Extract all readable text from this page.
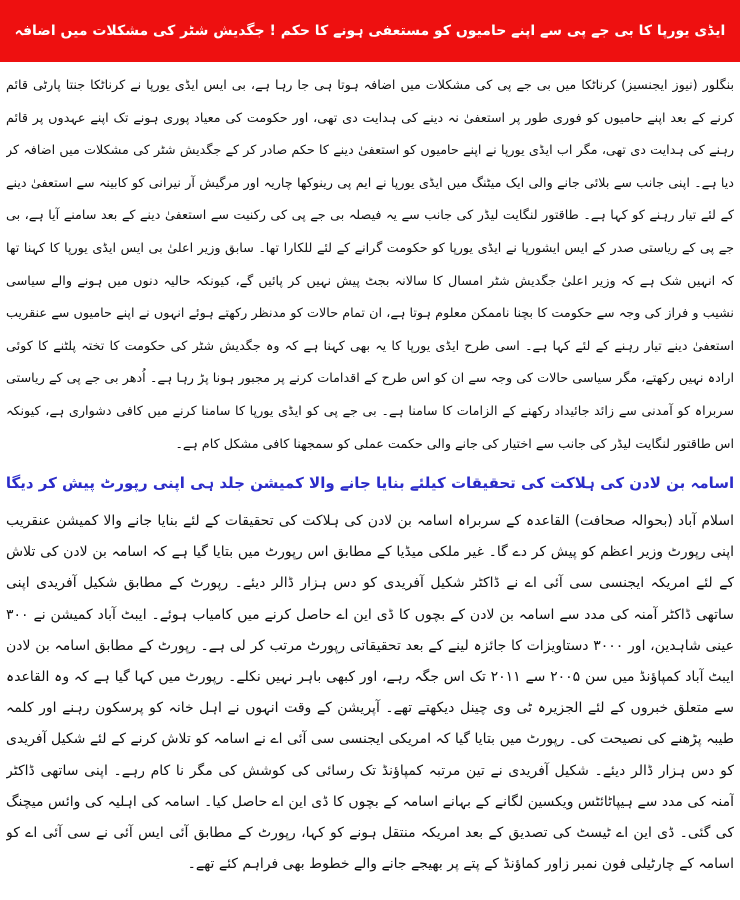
ایڈی یورپا کا بی جے پی سے اپنے حامیوں کو مستعفی ہونے کا حکم ! جگدیش شٹر کی مشکلات میں اضافہ

بنگلور (نیوز ایجنسیز) کرناٹکا میں بی جے پی کی مشکلات میں اضافہ ہوتا ہی جا رہا ہے، بی ایس ایڈی یورپا نے کرناٹکا جنتا پارٹی قائم کرنے کے بعد اپنے حامیوں کو فوری طور پر استعفیٰ نہ دینے کی ہدایت دی تھی، اور حکومت کی معیاد پوری ہونے تک اپنے عہدوں پر قائم رہنے کی ہدایت دی تھی، مگر اب ایڈی یورپا نے اپنے حامیوں کو استعفیٰ دینے کا حکم صادر کر کے جگدیش شٹر کی مشکلات میں اضافہ کر دیا ہے۔ اپنی جانب سے بلائی جانے والی ایک میٹنگ میں ایڈی یورپا نے ایم پی رینوکھا چاریہ اور مرگیش آر نیرانی کو کابینہ سے استعفیٰ دینے کے لئے تیار رہنے کو کہا ہے۔ طاقتور لنگایت لیڈر کی جانب سے یہ فیصلہ بی جے پی کی رکنیت سے استعفیٰ دینے کے بعد سامنے آیا ہے، بی جے پی کے ریاستی صدر کے ایس ایشورپا نے ایڈی یورپا کو حکومت گرانے کے لئے للکارا تھا۔ سابق وزیر اعلیٰ بی ایس ایڈی یورپا کا کہنا تھا کہ انہیں شک ہے کہ وزیر اعلیٰ جگدیش شٹر امسال کا سالانہ بجٹ پیش نہیں کر پائیں گے، کیونکہ حالیہ دنوں میں ہونے والے سیاسی نشیب و فراز کی وجہ سے حکومت کا بچنا ناممکن معلوم ہوتا ہے، ان تمام حالات کو مدنظر رکھتے ہوئے انہوں نے اپنے حامیوں سے عنقریب استعفیٰ دینے تیار رہنے کے لئے کہا ہے۔ اسی طرح ایڈی یورپا کا یہ بھی کہنا ہے کہ وہ جگدیش شٹر کی حکومت کا تختہ پلٹنے کا کوئی ارادہ نہیں رکھتے، مگر سیاسی حالات کی وجہ سے ان کو اس طرح کے اقدامات کرنے پر مجبور ہونا پڑ رہا ہے۔ اُدھر بی جے پی کے ریاستی سربراہ کو آمدنی سے زائد جائیداد رکھنے کے الزامات کا سامنا ہے۔ بی جے پی کو ایڈی یورپا کا سامنا کرنے میں کافی دشواری ہے، کیونکہ اس طاقتور لنگایت لیڈر کی جانب سے اختیار کی جانے والی حکمت عملی کو سمجھنا کافی مشکل کام ہے۔

اسامہ بن لادن کی ہلاکت کی تحقیقات کیلئے بنایا جانے والا کمیشن جلد ہی اپنی رپورٹ پیش کر دیگا

اسلام آباد (بحوالہ صحافت) القاعدہ کے سربراہ اسامہ بن لادن کی ہلاکت کی تحقیقات کے لئے بنایا جانے والا کمیشن عنقریب اپنی رپورٹ وزیر اعظم کو پیش کر دے گا۔ غیر ملکی میڈیا کے مطابق اس رپورٹ میں بتایا گیا ہے کہ اسامہ بن لادن کی تلاش کے لئے امریکہ ایجنسی سی آئی اے نے ڈاکٹر شکیل آفریدی کو دس ہزار ڈالر دیئے۔ رپورٹ کے مطابق شکیل آفریدی اپنی ساتھی ڈاکٹر آمنہ کی مدد سے اسامہ بن لادن کے بچوں کا ڈی این اے حاصل کرنے میں کامیاب ہوئے۔ ایبٹ آباد کمیشن نے ۳۰۰ عینی شاہدین، اور ۳۰۰۰ دستاویزات کا جائزہ لینے کے بعد تحقیقاتی رپورٹ مرتب کر لی ہے۔ رپورٹ کے مطابق اسامہ بن لادن ایبٹ آباد کمپاؤنڈ میں سن ۲۰۰۵ سے ۲۰۱۱ تک اس جگہ رہے، اور کبھی باہر نہیں نکلے۔ رپورٹ میں کہا گیا ہے کہ وہ القاعدہ سے متعلق خبروں کے لئے الجزیرہ ٹی وی چینل دیکھتے تھے۔ آپریشن کے وقت انہوں نے اہل خانہ کو پرسکون رہنے اور کلمہ طیبہ پڑھنے کی نصیحت کی۔ رپورٹ میں بتایا گیا کہ امریکی ایجنسی سی آئی اے نے اسامہ کو تلاش کرنے کے لئے شکیل آفریدی کو دس ہزار ڈالر دیئے۔ شکیل آفریدی نے تین مرتبہ کمپاؤنڈ تک رسائی کی کوشش کی مگر نا کام رہے۔ اپنی ساتھی ڈاکٹر آمنہ کی مدد سے ہیپاٹائٹس ویکسین لگانے کے بہانے اسامہ کے بچوں کا ڈی این اے حاصل کیا۔ اسامہ کی اہلیہ کی وائس میچنگ کی گئی۔ ڈی این اے ٹیسٹ کی تصدیق کے بعد امریکہ منتقل ہونے کو کہا، رپورٹ کے مطابق آئی ایس آئی نے سی آئی اے کو اسامہ کے چارٹیلی فون نمبر زاور کماؤنڈ کے پتے پر بھیجے جانے والے خطوط بھی فراہم کئے تھے۔
